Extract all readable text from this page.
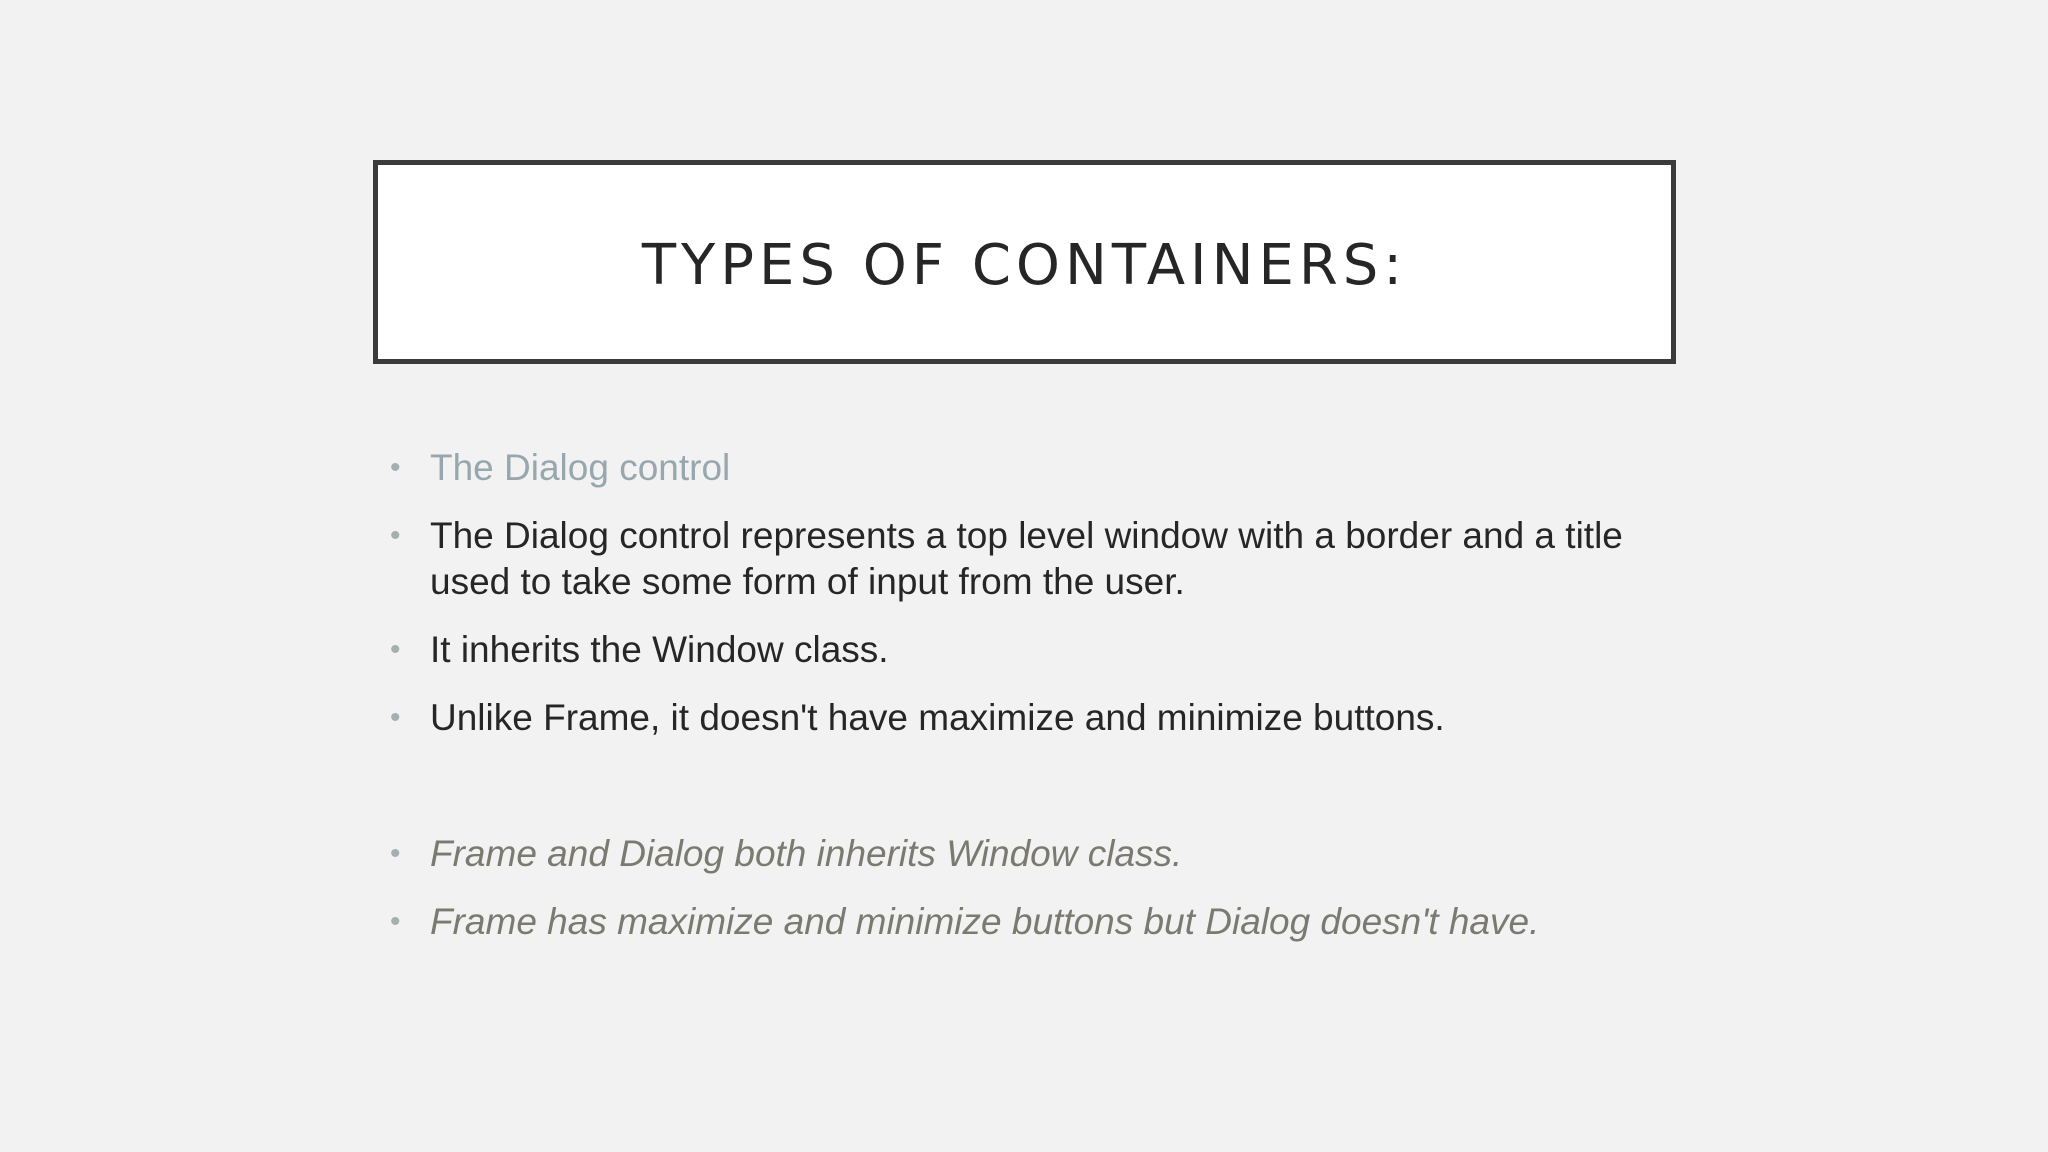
TYPES OF CONTAINERS:
• The Dialog control
• The Dialog control represents a top level window with a border and a title used to take some form of input from the user.
• It inherits the Window class.
• Unlike Frame, it doesn't have maximize and minimize buttons.
• Frame and Dialog both inherits Window class.
• Frame has maximize and minimize buttons but Dialog doesn't have.
